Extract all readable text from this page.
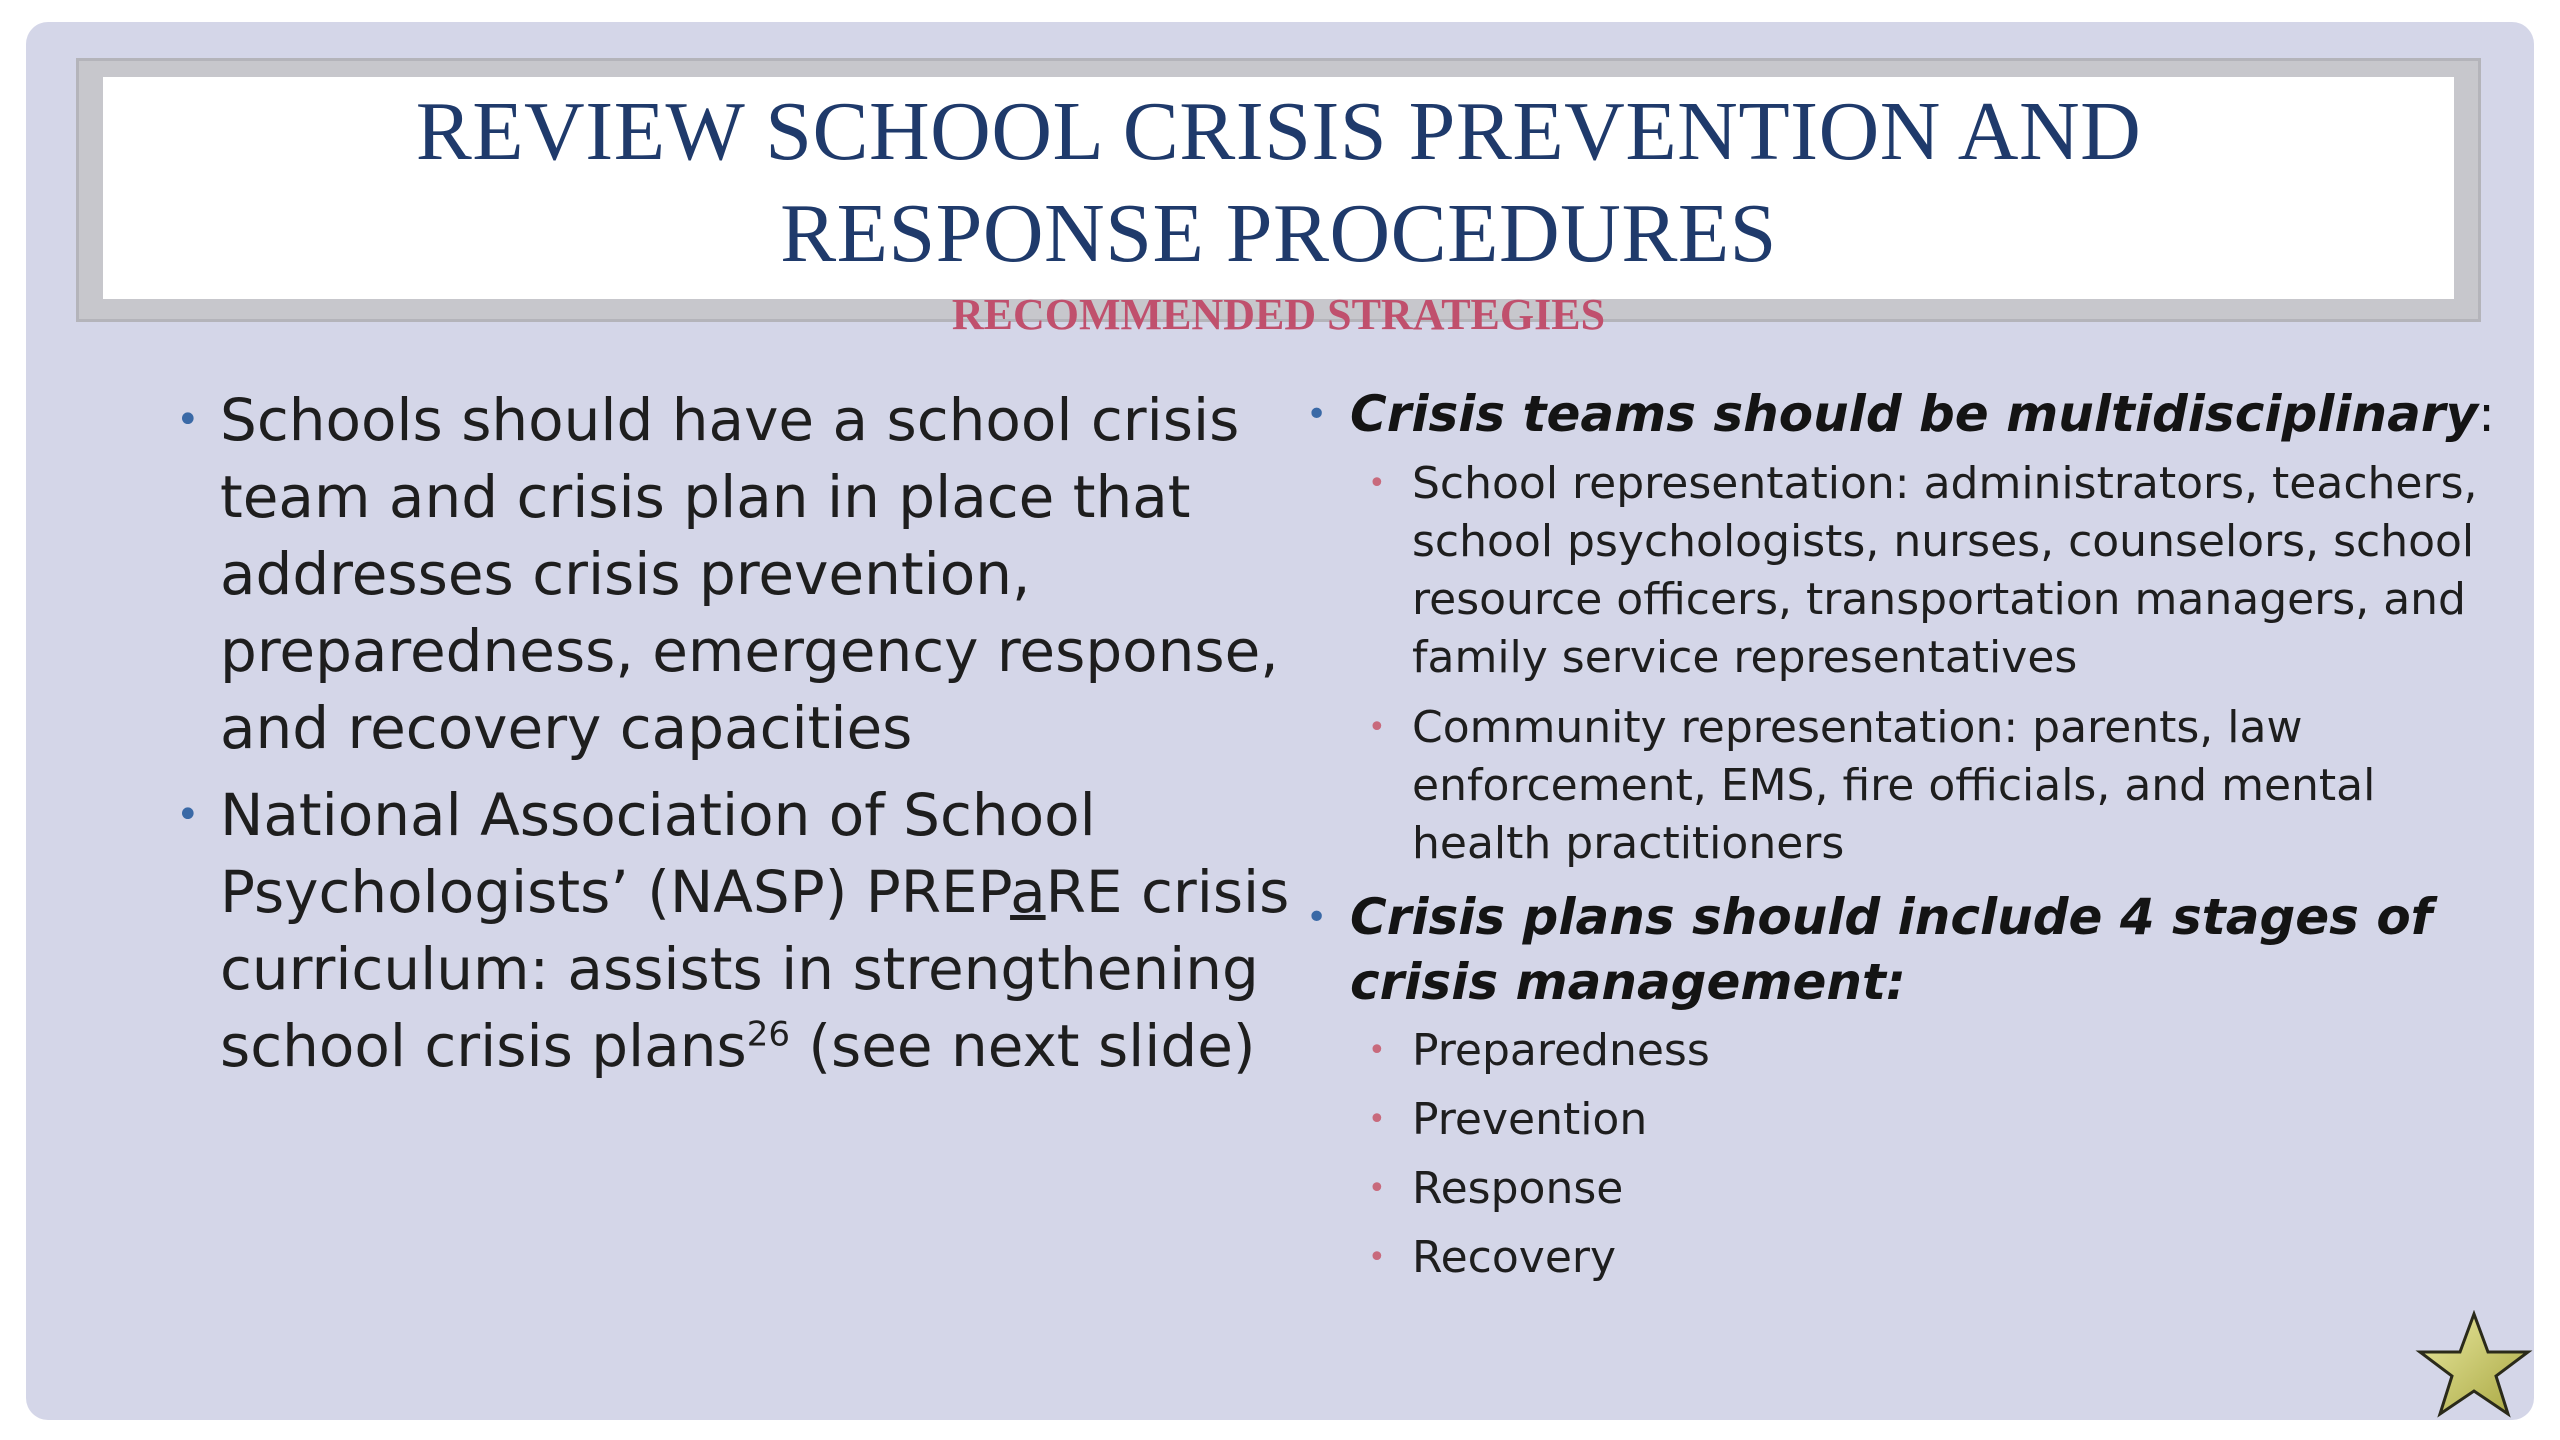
REVIEW SCHOOL CRISIS PREVENTION AND
RESPONSE PROCEDURES
RECOMMENDED STRATEGIES
• Schools should have a school crisis team and crisis plan in place that addresses crisis prevention, preparedness, emergency response, and recovery capacities
• National Association of School Psychologists’ (NASP) PREPaRE crisis curriculum: assists in strengthening school crisis plans$^{26}$ (see next slide)
• Crisis teams should be multidisciplinary:
• School representation: administrators, teachers, school psychologists, nurses, counselors, school resource officers, transportation managers, and family service representatives
• Community representation: parents, law enforcement, EMS, fire officials, and mental health practitioners
• Crisis plans should include 4 stages of crisis management:
• Preparedness
• Prevention
• Response
• Recovery
